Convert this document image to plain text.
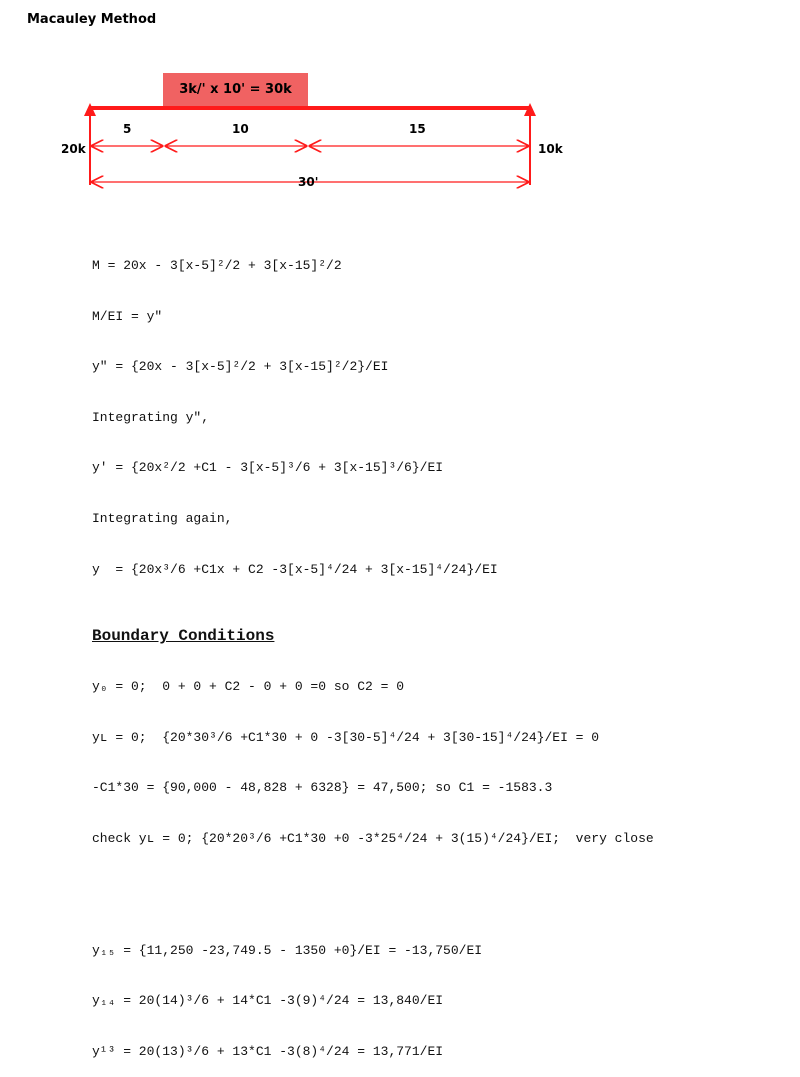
Macauley Method
3k/' x 10' = 30k
5	10	15
30'
20k	10k

M = 20x - 3[x-5]²/2 + 3[x-15]²/2

M/EI = y"

y" = {20x - 3[x-5]²/2 + 3[x-15]²/2}/EI

Integrating y",

y' = {20x²/2 +C1 - 3[x-5]³/6 + 3[x-15]³/6}/EI

Integrating again,

y  = {20x³/6 +C1x + C2 -3[x-5]⁴/24 + 3[x-15]⁴/24}/EI

Boundary Conditions

y₀ = 0;  0 + 0 + C2 - 0 + 0 =0 so C2 = 0

yʟ = 0;  {20*30³/6 +C1*30 + 0 -3[30-5]⁴/24 + 3[30-15]⁴/24}/EI = 0

-C1*30 = {90,000 - 48,828 + 6328} = 47,500; so C1 = -1583.3

check yʟ = 0; {20*20³/6 +C1*30 +0 -3*25⁴/24 + 3(15)⁴/24}/EI;  very close

y₁₅ = {11,250 -23,749.5 - 1350 +0}/EI = -13,750/EI

y₁₄ = 20(14)³/6 + 14*C1 -3(9)⁴/24 = 13,840/EI

y¹³ = 20(13)³/6 + 13*C1 -3(8)⁴/24 = 13,771/EI
